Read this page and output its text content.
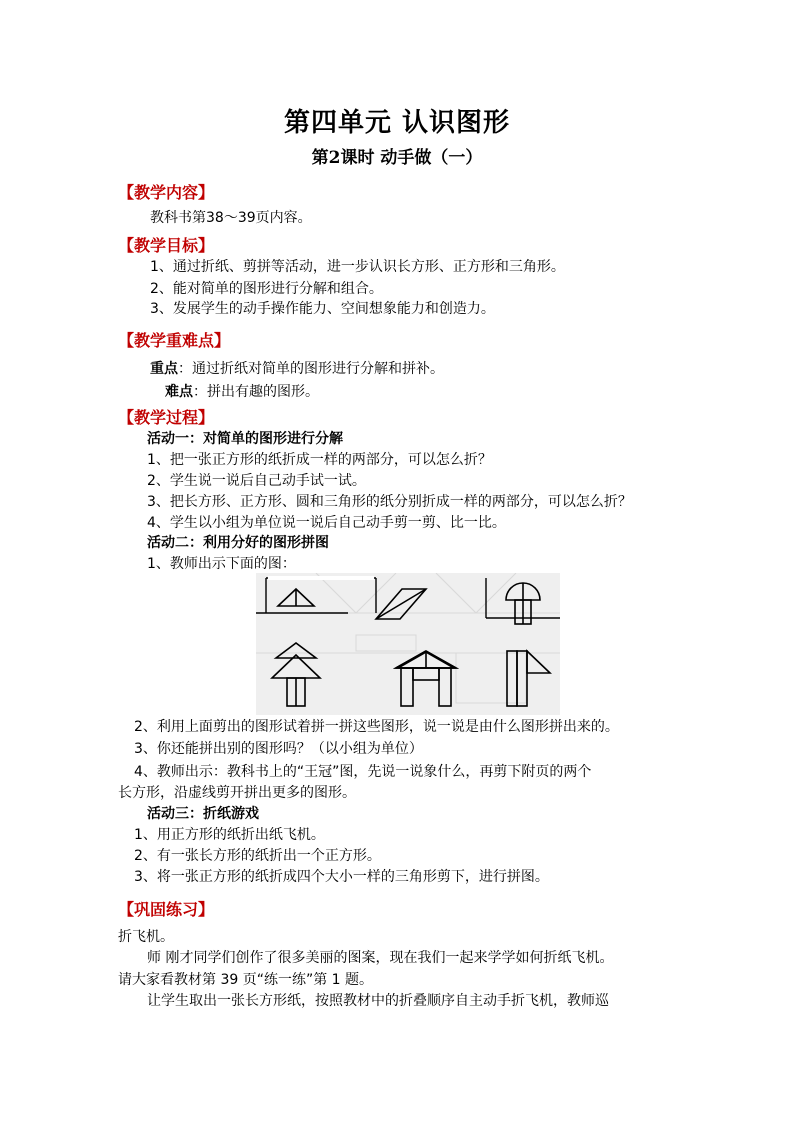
第四单元 认识图形
第2课时 动手做（一）
【教学内容】
教科书第38～39页内容。
【教学目标】
1、通过折纸、剪拼等活动，进一步认识长方形、正方形和三角形。
2、能对简单的图形进行分解和组合。
3、发展学生的动手操作能力、空间想象能力和创造力。
【教学重难点】
重点：通过折纸对简单的图形进行分解和拼补。
难点：拼出有趣的图形。
【教学过程】
活动一：对简单的图形进行分解
1、把一张正方形的纸折成一样的两部分，可以怎么折？
2、学生说一说后自己动手试一试。
3、把长方形、正方形、圆和三角形的纸分别折成一样的两部分，可以怎么折？
4、学生以小组为单位说一说后自己动手剪一剪、比一比。
活动二：利用分好的图形拼图
1、教师出示下面的图：
2、利用上面剪出的图形试着拼一拼这些图形，说一说是由什么图形拼出来的。
3、你还能拼出别的图形吗？（以小组为单位）
4、教师出示：教科书上的“王冠”图，先说一说象什么，再剪下附页的两个
长方形，沿虚线剪开拼出更多的图形。
活动三：折纸游戏
1、用正方形的纸折出纸飞机。
2、有一张长方形的纸折出一个正方形。
3、将一张正方形的纸折成四个大小一样的三角形剪下，进行拼图。
【巩固练习】
折飞机。
师 刚才同学们创作了很多美丽的图案，现在我们一起来学学如何折纸飞机。
请大家看教材第 39 页“练一练”第 1 题。
让学生取出一张长方形纸，按照教材中的折叠顺序自主动手折飞机，教师巡
